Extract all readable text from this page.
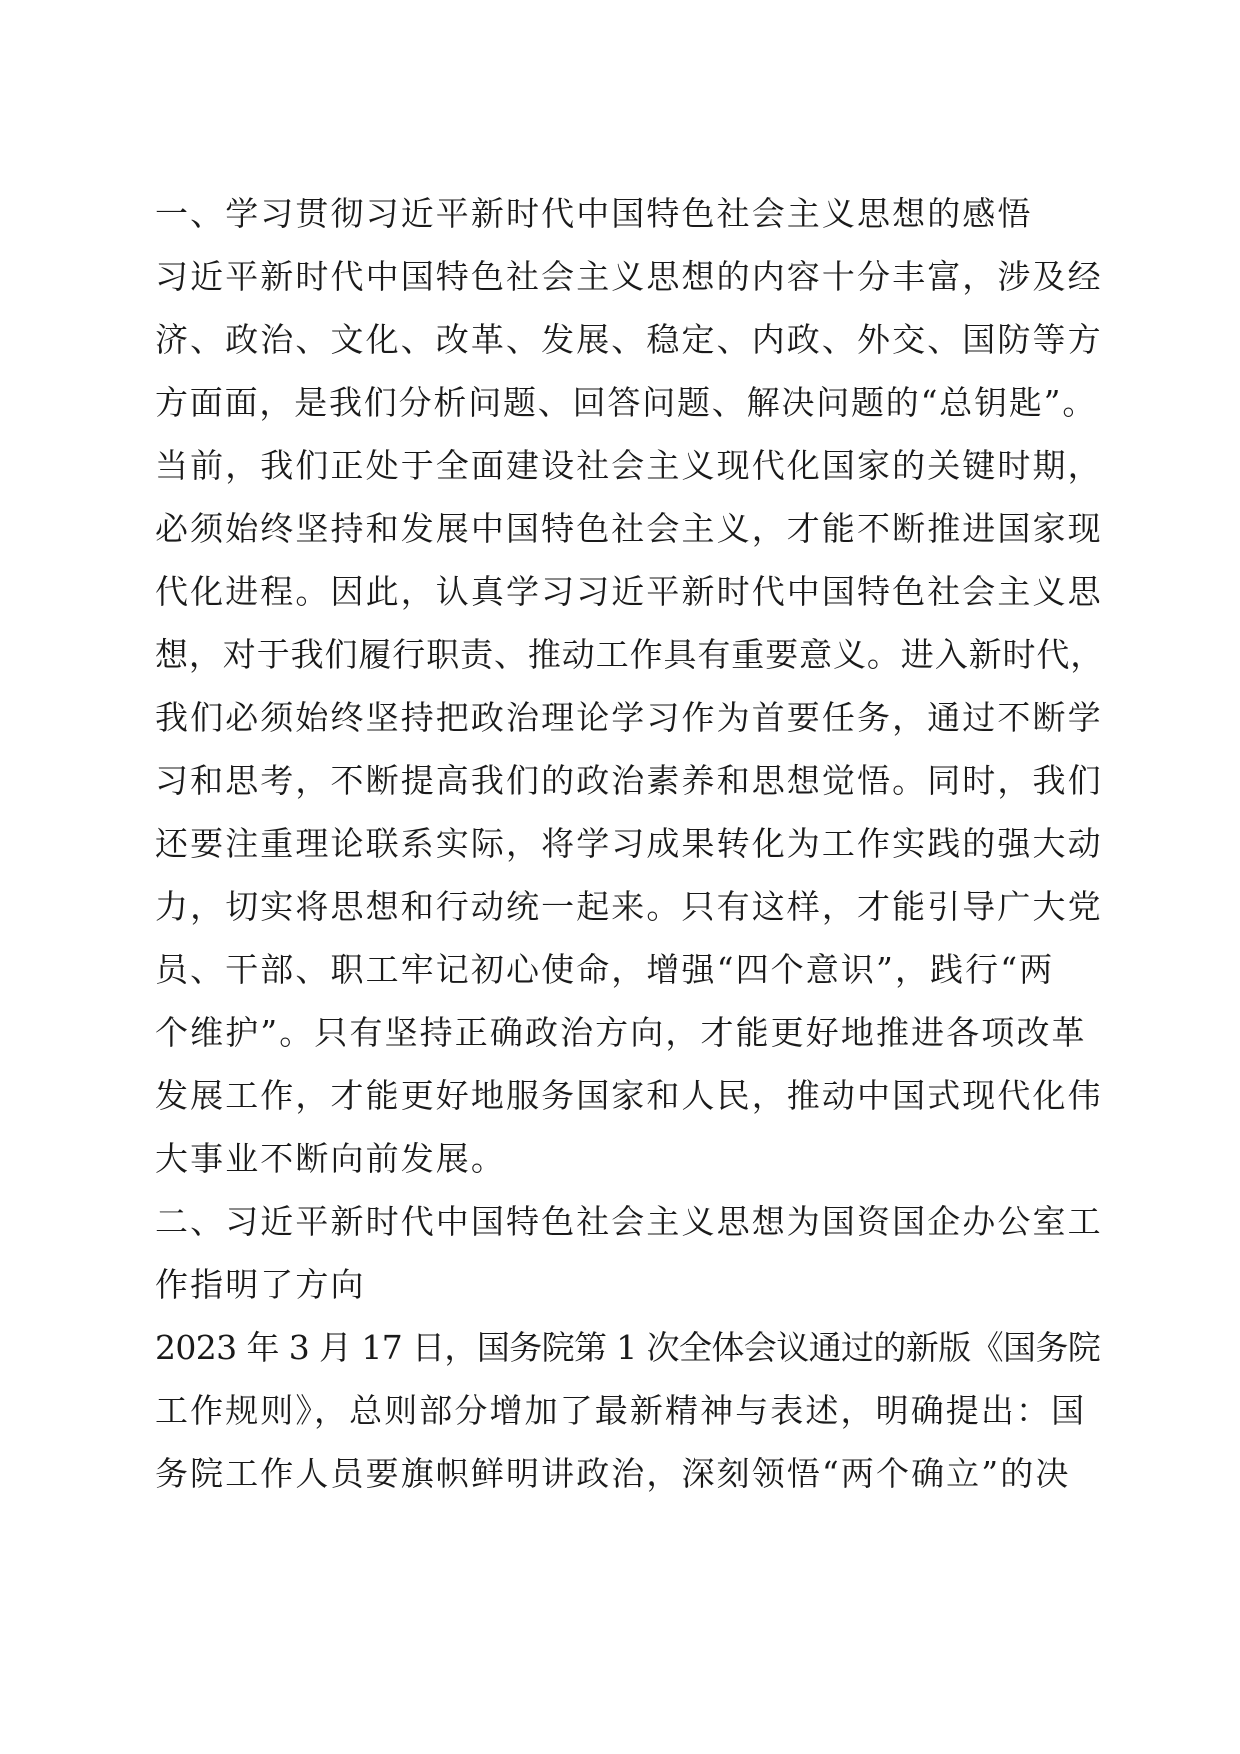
一、学习贯彻习近平新时代中国特色社会主义思想的感悟
习近平新时代中国特色社会主义思想的内容十分丰富，涉及经
济、政治、文化、改革、发展、稳定、内政、外交、国防等方
方面面，是我们分析问题、回答问题、解决问题的“总钥匙”。
当前，我们正处于全面建设社会主义现代化国家的关键时期，
必须始终坚持和发展中国特色社会主义，才能不断推进国家现
代化进程。因此，认真学习习近平新时代中国特色社会主义思
想，对于我们履行职责、推动工作具有重要意义。进入新时代，
我们必须始终坚持把政治理论学习作为首要任务，通过不断学
习和思考，不断提高我们的政治素养和思想觉悟。同时，我们
还要注重理论联系实际，将学习成果转化为工作实践的强大动
力，切实将思想和行动统一起来。只有这样，才能引导广大党
员、干部、职工牢记初心使命，增强“四个意识”，践行“两
个维护”。只有坚持正确政治方向，才能更好地推进各项改革
发展工作，才能更好地服务国家和人民，推动中国式现代化伟
大事业不断向前发展。
二、习近平新时代中国特色社会主义思想为国资国企办公室工
作指明了方向
2023 年 3 月 17 日，国务院第 1 次全体会议通过的新版《国务院
工作规则》，总则部分增加了最新精神与表述，明确提出：国
务院工作人员要旗帜鲜明讲政治，深刻领悟“两个确立”的决
